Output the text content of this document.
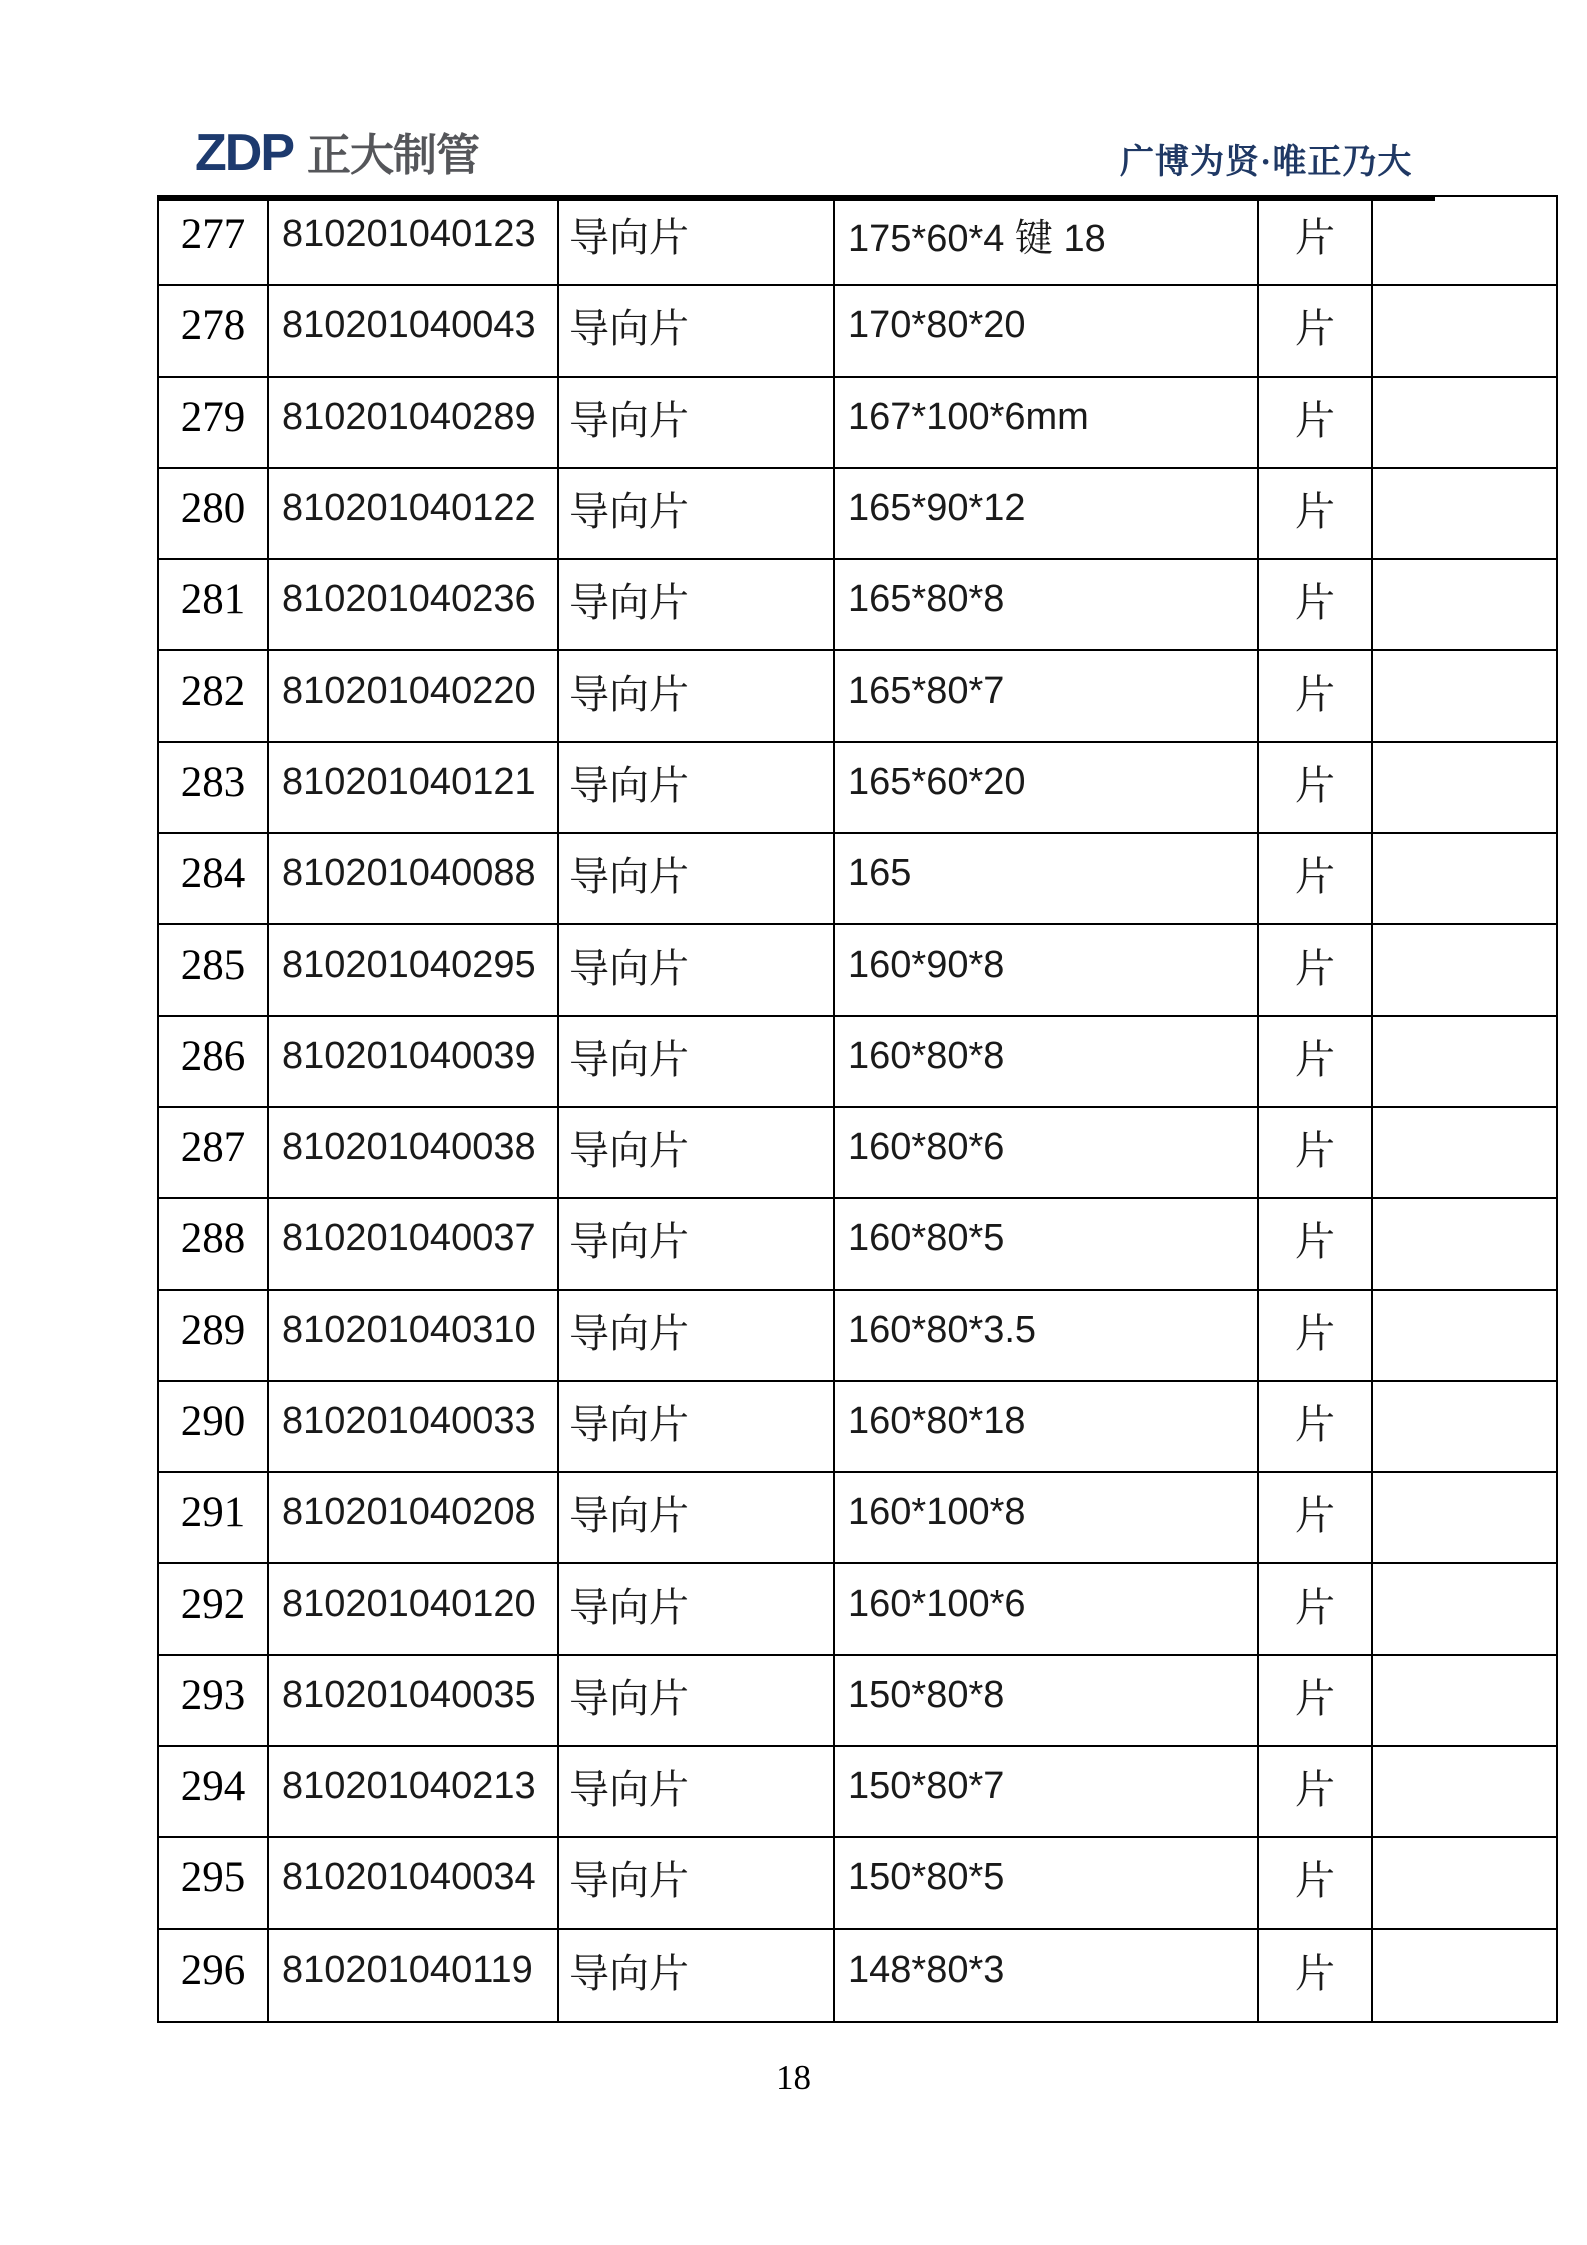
ZDP 正大制管	广博为贤·唯正乃大
277 810201040123 导向片	175*60*4 键 18	片
278 810201040043 导向片	170*80*20	片
279 810201040289 导向片	167*100*6mm	片
280 810201040122 导向片	165*90*12	片
281 810201040236 导向片	165*80*8	片
282 810201040220 导向片	165*80*7	片
283 810201040121 导向片	165*60*20	片
284 810201040088 导向片	165	片
285 810201040295 导向片	160*90*8	片
286 810201040039 导向片	160*80*8	片
287 810201040038 导向片	160*80*6	片
288 810201040037 导向片	160*80*5	片
289 810201040310 导向片	160*80*3.5	片
290 810201040033 导向片	160*80*18	片
291 810201040208 导向片	160*100*8	片
292 810201040120 导向片	160*100*6	片
293 810201040035 导向片	150*80*8	片
294 810201040213 导向片	150*80*7	片
295 810201040034 导向片	150*80*5	片
296 810201040119 导向片	148*80*3	片
18
